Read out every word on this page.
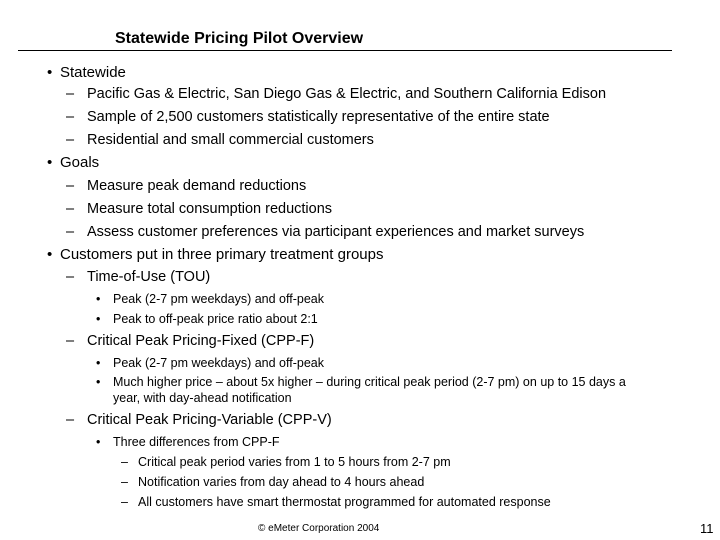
Statewide Pricing Pilot Overview
• Statewide
– Pacific Gas & Electric, San Diego Gas & Electric, and Southern California Edison
– Sample of 2,500 customers statistically representative of the entire state
– Residential and small commercial customers
• Goals
– Measure peak demand reductions
– Measure total consumption reductions
– Assess customer preferences via participant experiences and market surveys
• Customers put in three primary treatment groups
– Time-of-Use (TOU)
• Peak (2-7 pm weekdays) and off-peak
• Peak to off-peak price ratio about 2:1
– Critical Peak Pricing-Fixed (CPP-F)
• Peak (2-7 pm weekdays) and off-peak
• Much higher price – about 5x higher – during critical peak period (2-7 pm) on up to 15 days a
year, with day-ahead notification
– Critical Peak Pricing-Variable (CPP-V)
• Three differences from CPP-F
– Critical peak period varies from 1 to 5 hours from 2-7 pm
– Notification varies from day ahead to 4 hours ahead
– All customers have smart thermostat programmed for automated response
© eMeter Corporation 2004	11
